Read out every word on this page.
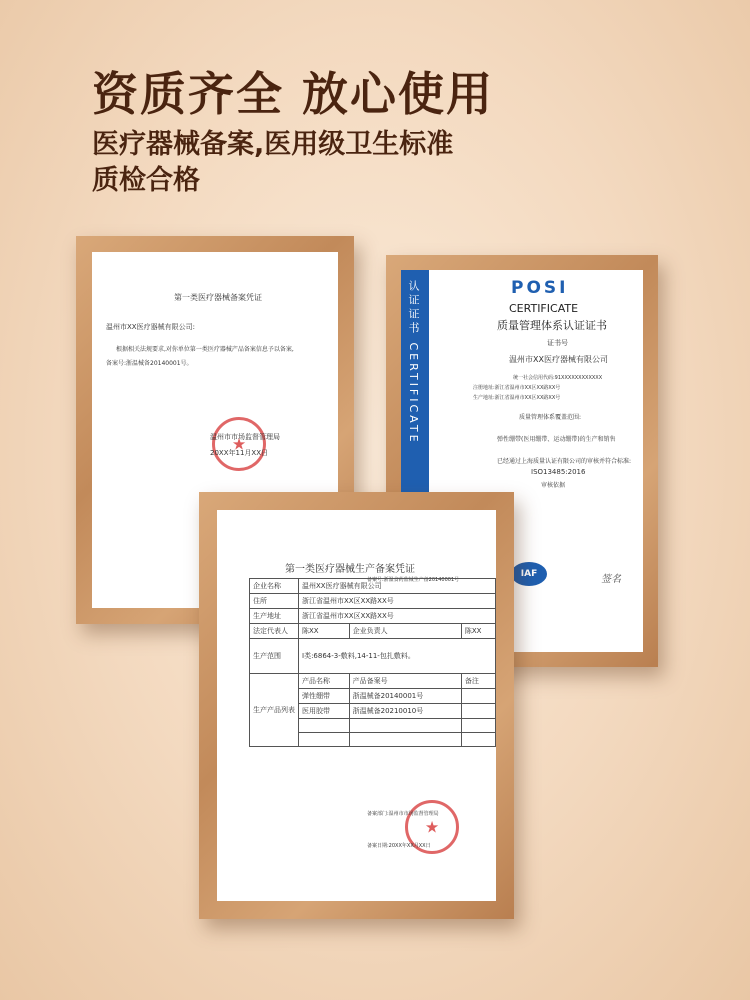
资质齐全 放心使用
医疗器械备案,医用级卫生标准
质检合格
第一类医疗器械备案凭证
温州市XX医疗器械有限公司:
根据相关法规要求,对你单位第一类医疗器械产品备案信息予以备案,
备案号:浙温械备20140001号。
★
温州市市场监督管理局
20XX年11月XX日
认证证书 CERTIFICATE	POSI
CERTIFICATE
质量管理体系认证证书
证书号
温州市XX医疗器械有限公司
统一社会信用代码:91XXXXXXXXXXXX
注册地址:浙江省温州市XX区XX路XX号
生产地址:浙江省温州市XX区XX路XX号
质量管理体系覆盖范围:
弹性绷带(医用绷带、运动绷带)的生产和销售
已经通过上海质量认证有限公司的审核并符合标准:
ISO13485:2016
审核依据
IAF	签名
第一类医疗器械生产备案凭证
备案号:浙温食药监械生产备20140001号
企业名称	温州XX医疗器械有限公司		
住所	浙江省温州市XX区XX路XX号		
生产地址	浙江省温州市XX区XX路XX号		
法定代表人	陈XX	企业负责人	陈XX
生产范围	Ⅰ类:6864-3-敷料,14-11-包扎敷料。		
生产产品列表	产品名称	产品备案号	备注
	弹性绷带	浙温械备20140001号	
	医用胶带	浙温械备20210010号	

★
备案部门:温州市市场监督管理局
备案日期:20XX年XX月XX日
